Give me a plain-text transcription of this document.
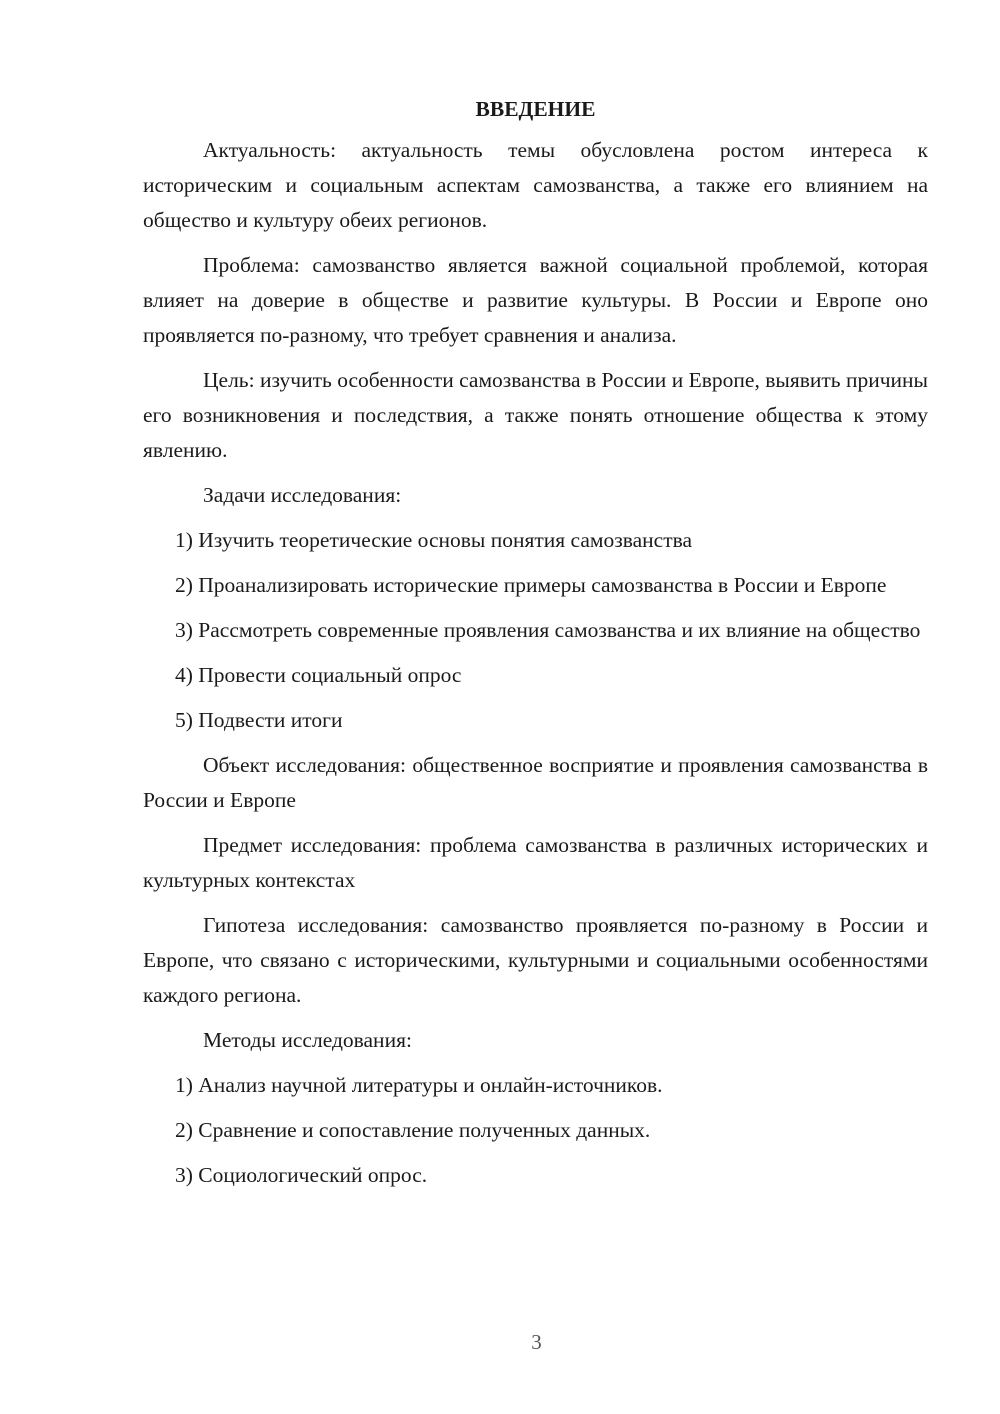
ВВЕДЕНИЕ

Актуальность: актуальность темы обусловлена ростом интереса к историческим и социальным аспектам самозванства, а также его влиянием на общество и культуру обеих регионов.

Проблема: самозванство является важной социальной проблемой, которая влияет на доверие в обществе и развитие культуры. В России и Европе оно проявляется по-разному, что требует сравнения и анализа.

Цель: изучить особенности самозванства в России и Европе, выявить причины его возникновения и последствия, а также понять отношение общества к этому явлению.

Задачи исследования:

1) Изучить теоретические основы понятия самозванства

2) Проанализировать исторические примеры самозванства в России и Европе

3) Рассмотреть современные проявления самозванства и их влияние на общество

4) Провести социальный опрос

5) Подвести итоги

Объект исследования: общественное восприятие и проявления самозванства в России и Европе

Предмет исследования: проблема самозванства в различных исторических и культурных контекстах

Гипотеза исследования: самозванство проявляется по-разному в России и Европе, что связано с историческими, культурными и социальными особенностями каждого региона.

Методы исследования:

1) Анализ научной литературы и онлайн-источников.

2) Сравнение и сопоставление полученных данных.

3) Социологический опрос.

3
